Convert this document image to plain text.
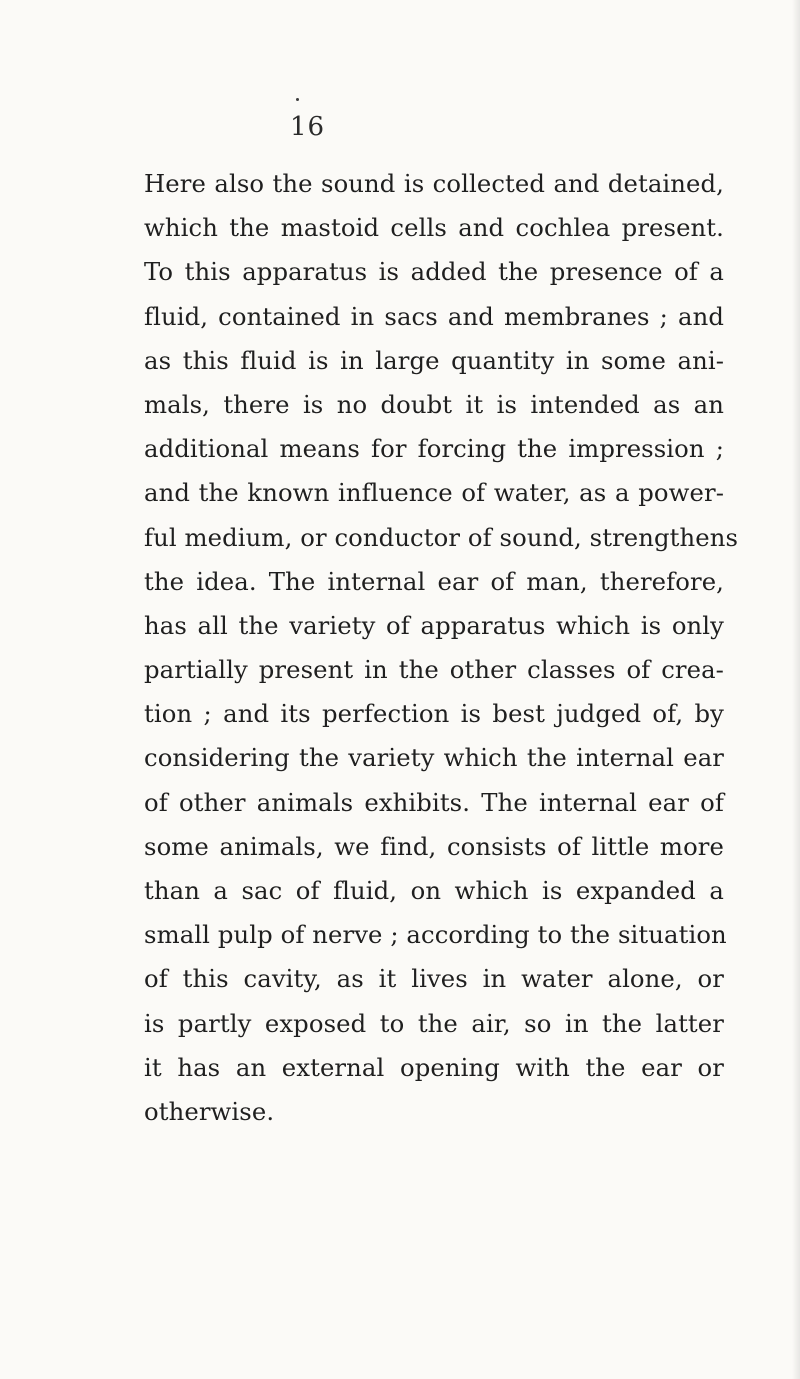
16
Here also the sound is collected and detained,
which the mastoid cells and cochlea present.
To this apparatus is added the presence of a
fluid, contained in sacs and membranes ; and
as this fluid is in large quantity in some ani-
mals, there is no doubt it is intended as an
additional means for forcing the impression ;
and the known influence of water, as a power-
ful medium, or conductor of sound, strengthens
the idea. The internal ear of man, therefore,
has all the variety of apparatus which is only
partially present in the other classes of crea-
tion ; and its perfection is best judged of, by
considering the variety which the internal ear
of other animals exhibits. The internal ear of
some animals, we find, consists of little more
than a sac of fluid, on which is expanded a
small pulp of nerve ; according to the situation
of this cavity, as it lives in water alone, or
is partly exposed to the air, so in the latter
it has an external opening with the ear or
otherwise.
